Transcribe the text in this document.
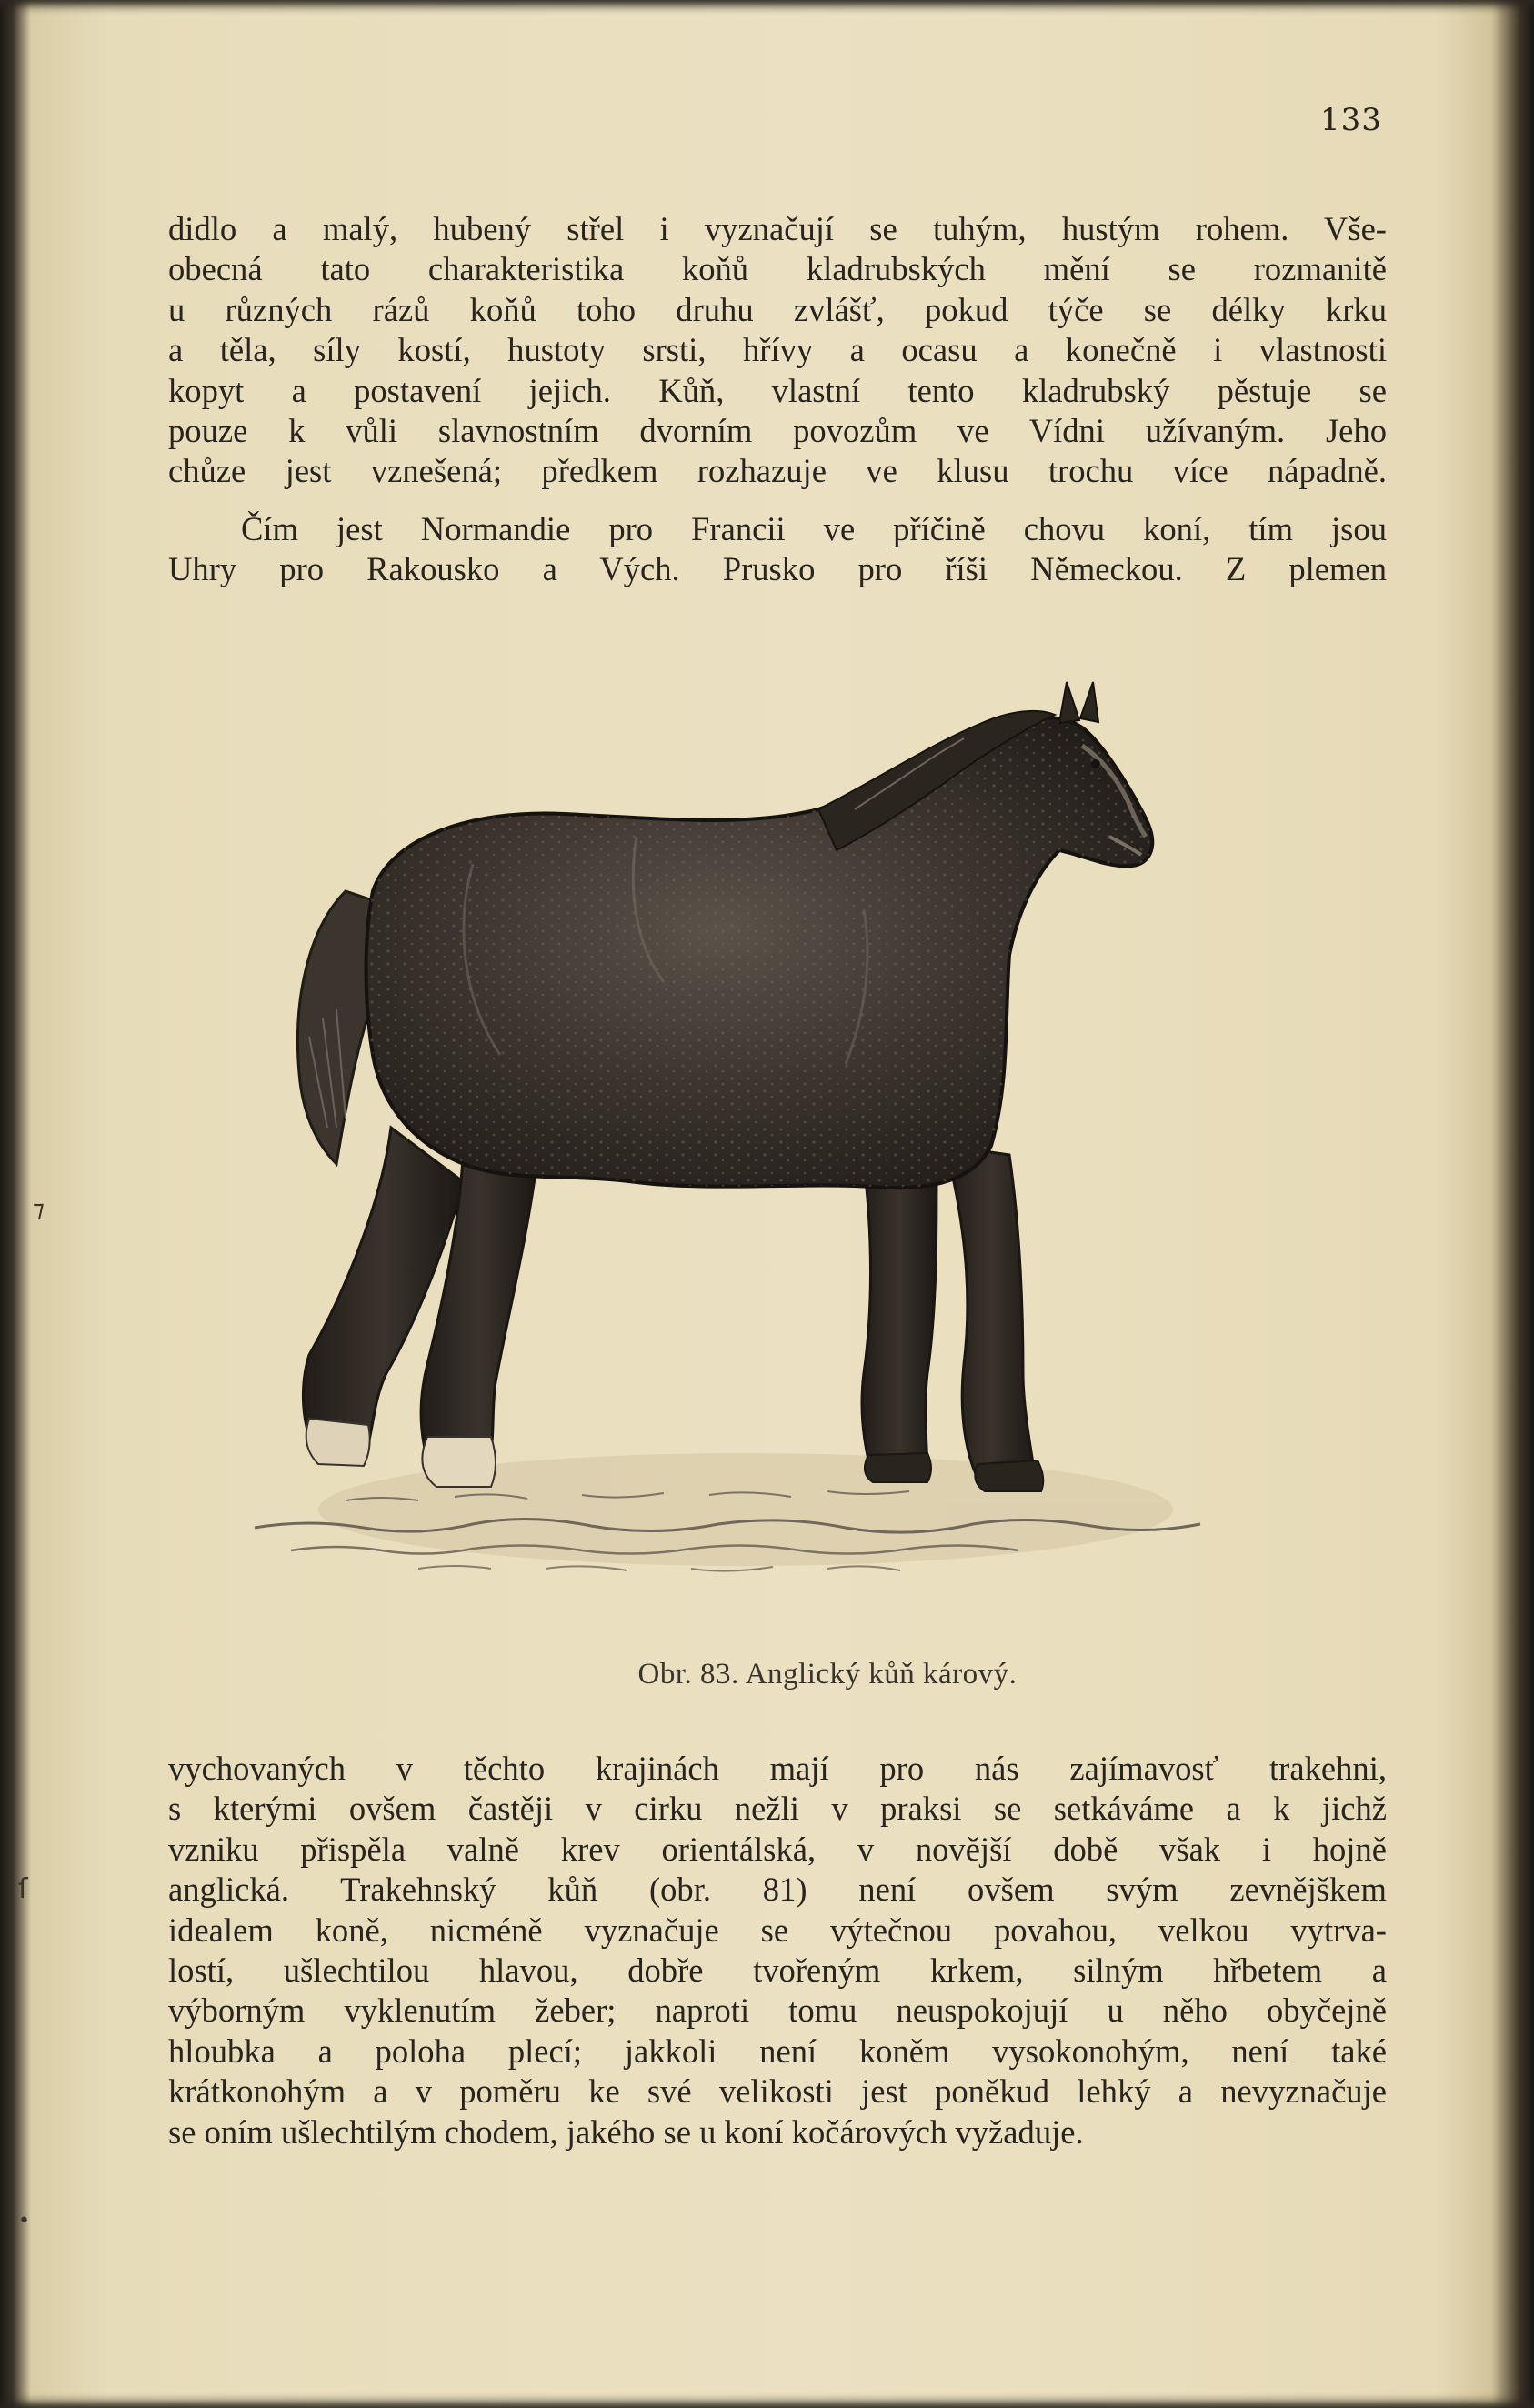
133
didlo a malý, hubený střel i vyznačují se tuhým, hustým rohem. Vše-
obecná tato charakteristika koňů kladrubských mění se rozmanitě
u různých rázů koňů toho druhu zvlášť, pokud týče se délky krku
a těla, síly kostí, hustoty srsti, hřívy a ocasu a konečně i vlastnosti
kopyt a postavení jejich. Kůň, vlastní tento kladrubský pěstuje se
pouze k vůli slavnostním dvorním povozům ve Vídni užívaným. Jeho
chůze jest vznešená; předkem rozhazuje ve klusu trochu více nápadně.
Čím jest Normandie pro Francii ve příčině chovu koní, tím jsou
Uhry pro Rakousko a Vých. Prusko pro říši Německou. Z plemen
Obr. 83. Anglický kůň kárový.
vychovaných v těchto krajinách mají pro nás zajímavosť trakehni,
s kterými ovšem častěji v cirku nežli v praksi se setkáváme a k jichž
vzniku přispěla valně krev orientálská, v novější době však i hojně
anglická. Trakehnský kůň (obr. 81) není ovšem svým zevnějškem
idealem koně, nicméně vyznačuje se výtečnou povahou, velkou vytrva-
lostí, ušlechtilou hlavou, dobře tvořeným krkem, silným hřbetem a
výborným vyklenutím žeber; naproti tomu neuspokojují u něho obyčejně
hloubka a poloha plecí; jakkoli není koněm vysokonohým, není také
krátkonohým a v poměru ke své velikosti jest poněkud lehký a nevyznačuje
se oním ušlechtilým chodem, jakého se u koní kočárových vyžaduje.
⁊
ſ
•
